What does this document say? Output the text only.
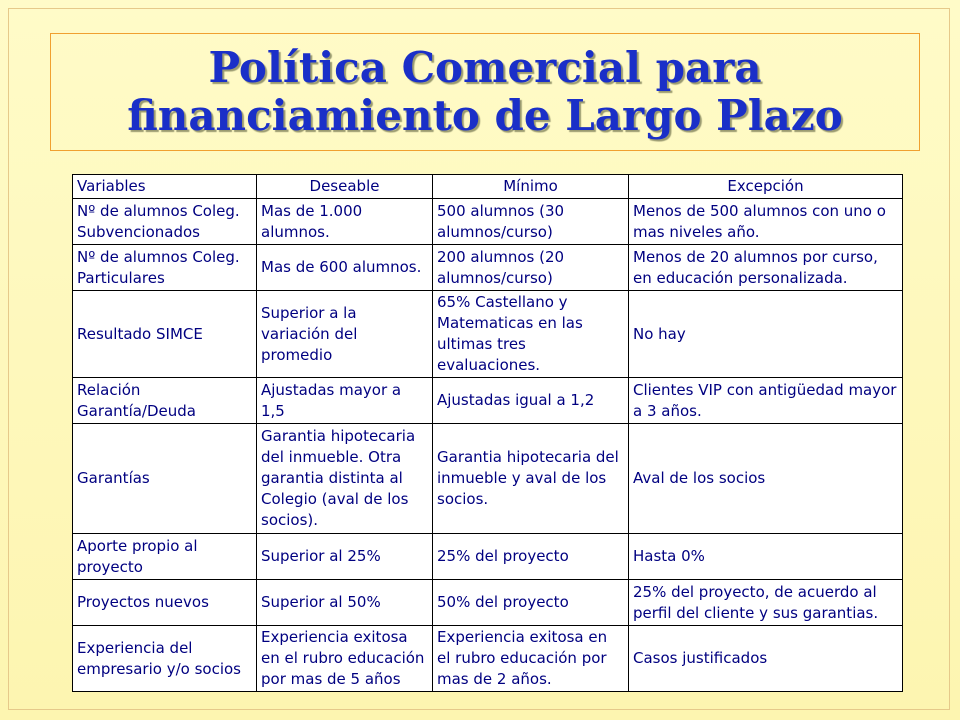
Política Comercial para
financiamiento de Largo Plazo
Variables	Deseable	Mínimo	Excepción
Nº de alumnos Coleg. Subvencionados	Mas de 1.000 alumnos.	500 alumnos (30 alumnos/curso)	Menos de 500 alumnos con uno o mas niveles año.
Nº de alumnos Coleg. Particulares	Mas de 600 alumnos.	200 alumnos (20 alumnos/curso)	Menos de 20 alumnos por curso, en educación personalizada.
Resultado SIMCE	Superior a la variación del promedio	65% Castellano y Matematicas en las ultimas tres evaluaciones.	No hay
Relación Garantía/Deuda	Ajustadas mayor a 1,5	Ajustadas igual a 1,2	Clientes VIP con antigüedad mayor a 3 años.
Garantías	Garantia hipotecaria del inmueble. Otra garantia distinta al Colegio (aval de los socios).	Garantia hipotecaria del inmueble y aval de los socios.	Aval de los socios
Aporte propio al proyecto	Superior al 25%	25% del proyecto	Hasta 0%
Proyectos nuevos	Superior al 50%	50% del proyecto	25% del proyecto, de acuerdo al perfil del cliente y sus garantias.
Experiencia del empresario y/o socios	Experiencia exitosa en el rubro educación por mas de 5 años	Experiencia exitosa en el rubro educación por mas de 2 años.	Casos justificados
